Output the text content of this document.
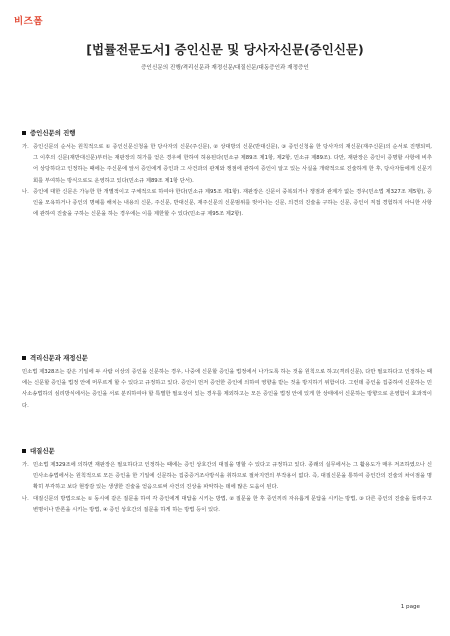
비즈폼
[법률전문도서] 증인신문 및 당사자신문(증인신문)
증인신문의 진행/격리신문과 재정신문/대질신문/대동증인과 재정증인
증인신문의 진행
가. 증인신문의 순서는 원칙적으로 ① 증인신문신청을 한 당사자의 신문(주신문), ② 상대방의 신문(반대신문), ③ 증인신청을 한 당사자의 재신문(재주신문)의 순서로 진행되며, 그 이후의 신문(재반대신문)부터는 재판장의 허가를 얻은 경우에 한하여 허용된다(민소규 제89조 제1항, 제2항, 민소규 제89조). 다만, 재판장은 증인이 증명할 사항에 비추어 상당하다고 인정하는 때에는 주신문에 앞서 증인에게 증인과 그 사건과의 관계와 쟁점에 관하여 증인이 알고 있는 사실을 개략적으로 진술하게 한 후, 당사자들에게 신문기회를 부여하는 방식으로도 운영하고 있다(민소규 제89조 제1항 단서).
나. 증인에 대한 신문은 가능한 한 개별적이고 구체적으로 하여야 한다(민소규 제95조 제1항). 재판장은 신문이 중복되거나 쟁점과 관계가 없는 경우(민소법 제327조 제5항), 증인을 모욕하거나 증인의 명예를 해치는 내용의 신문, 주신문, 반대신문, 재주신문의 신문범위를 벗어나는 신문, 의견의 진술을 구하는 신문, 증인이 직접 경험하지 아니한 사항에 관하여 진술을 구하는 신문을 하는 경우에는 이를 제한할 수 있다(민소규 제95조 제2항).
격리신문과 재정신문
민소법 제328조는 같은 기일에 두 사람 이상의 증인을 신문하는 경우, 나중에 신문할 증인을 법정에서 나가도록 하는 것을 원칙으로 하고(격리신문), 다만 필요하다고 인정하는 때에는 신문할 증인을 법정 안에 머무르게 할 수 있다고 규정하고 있다. 증인이 먼저 증언한 증인에 의하여 영향을 받는 것을 방지하기 위함이다. 그런데 증인을 집중하여 신문하는 민사소송법하의 심리방식에서는 증인을 서로 분리하여야 할 특별한 필요성이 있는 경우를 제외하고는 모든 증인을 법정 안에 있게 한 상태에서 신문하는 방향으로 운영함이 효과적이다.
대질신문
가. 민소법 제329조에 의하면 재판장은 필요하다고 인정하는 때에는 증인 상호간의 대질을 명할 수 있다고 규정하고 있다. 종래의 실무에서는 그 활용도가 매우 저조하였으나 신 민사소송법에서는 원칙적으로 모든 증인을 한 기일에 신문하는 집중증거조사방식을 취하므로 절차지연의 부작용이 없다. 즉, 대질신문을 통하여 증인간의 진술의 차이점을 명확히 부각하고 보다 현장감 있는 생생한 진술을 얻음으로써 사건의 진상을 파악하는 데에 많은 도움이 된다.
나. 대질신문의 방법으로는 ① 동시에 같은 질문을 하여 각 증인에게 대답을 시키는 방법, ② 질문을 한 후 증인끼리 자유롭게 문답을 시키는 방법, ③ 다른 증인의 진술을 들려주고 변명이나 반론을 시키는 방법, ④ 증인 상호간의 질문을 하게 하는 방법 등이 있다.
1 page
